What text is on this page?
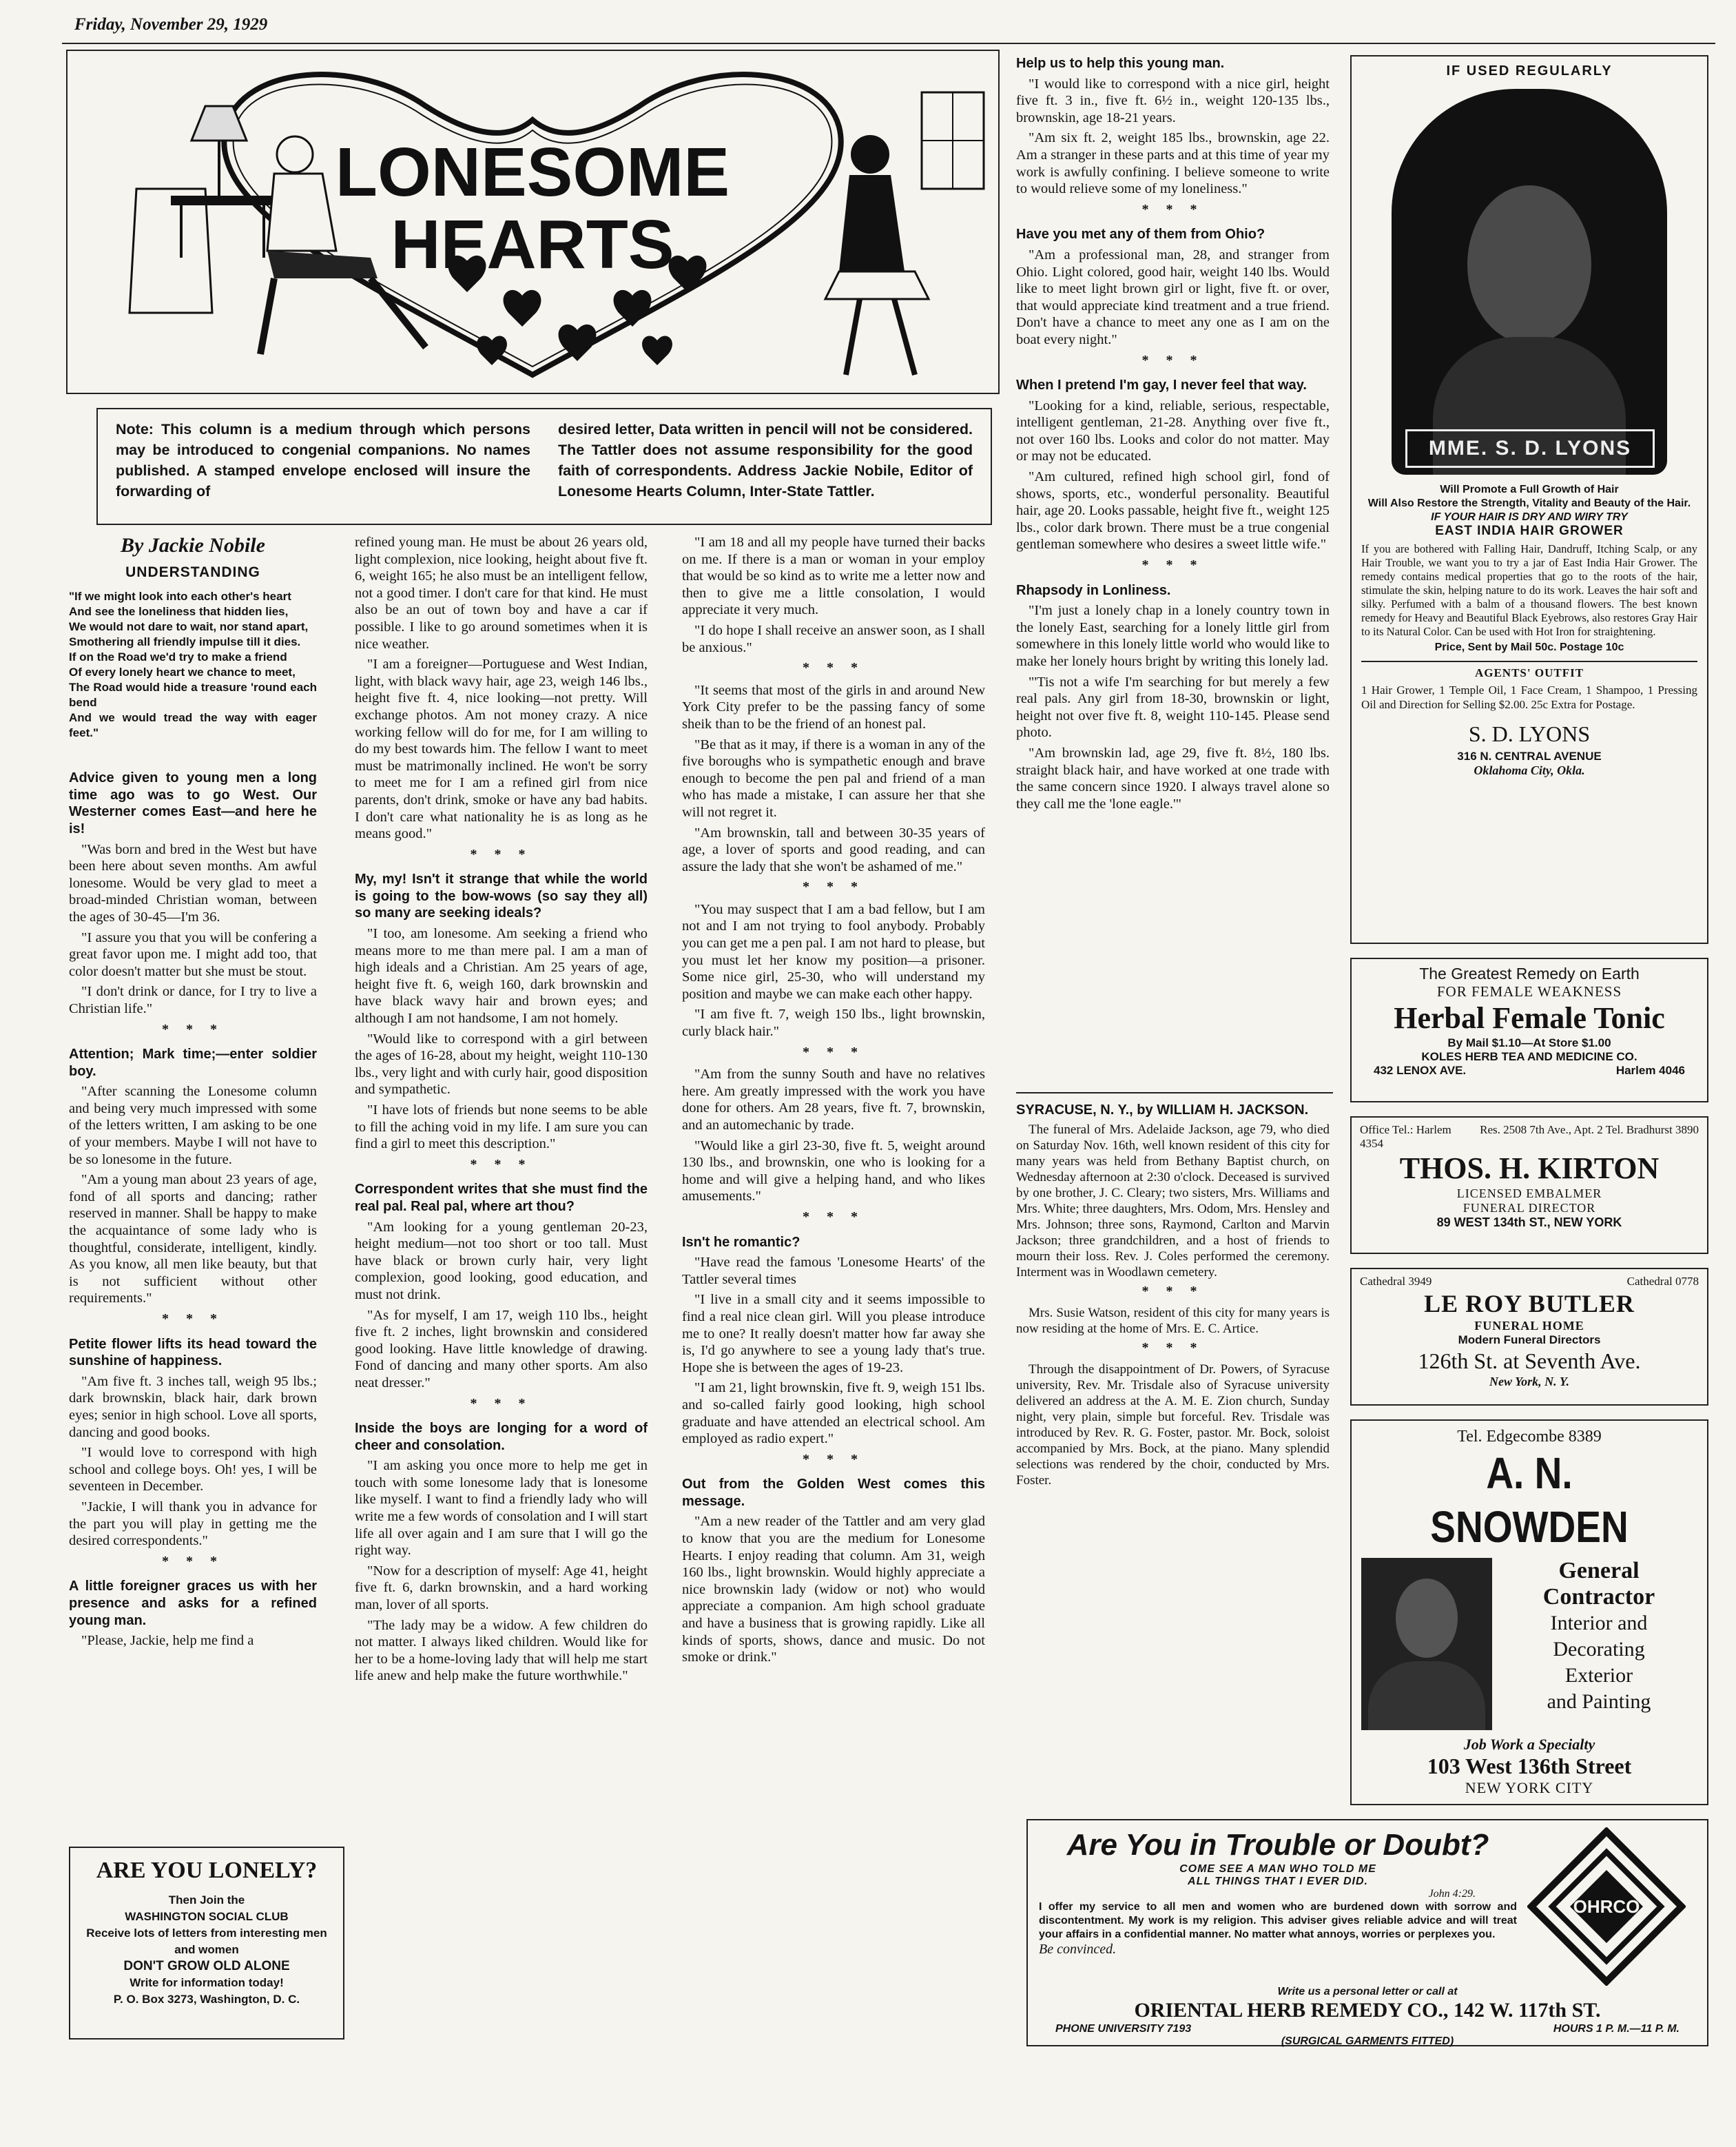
Friday, November 29, 1929
LONESOME
HEARTS
Note: This column is a medium through which persons may be introduced to congenial companions. No names published. A stamped envelope enclosed will insure the forwarding of
desired letter, Data written in pencil will not be considered. The Tattler does not assume responsibility for the good faith of correspondents. Address Jackie Nobile, Editor of Lonesome Hearts Column, Inter-State Tattler.
By Jackie Nobile
UNDERSTANDING
"If we might look into each other's heart
And see the loneliness that hidden lies,
We would not dare to wait, nor stand apart,
Smothering all friendly impulse till it dies.
If on the Road we'd try to make a friend
Of every lonely heart we chance to meet,
The Road would hide a treasure 'round each bend
And we would tread the way with eager feet."

Advice given to young men a long time ago was to go West. Our Westerner comes East—and here he is!

"Was born and bred in the West but have been here about seven months. Am awful lonesome. Would be very glad to meet a broad-minded Christian woman, between the ages of 30-45—I'm 36.

"I assure you that you will be confering a great favor upon me. I might add too, that color doesn't matter but she must be stout.

"I don't drink or dance, for I try to live a Christian life."

* * *

Attention; Mark time;—enter soldier boy.

"After scanning the Lonesome column and being very much impressed with some of the letters written, I am asking to be one of your members. Maybe I will not have to be so lonesome in the future.

"Am a young man about 23 years of age, fond of all sports and dancing; rather reserved in manner. Shall be happy to make the acquaintance of some lady who is thoughtful, considerate, intelligent, kindly. As you know, all men like beauty, but that is not sufficient without other requirements."

* * *

Petite flower lifts its head toward the sunshine of happiness.

"Am five ft. 3 inches tall, weigh 95 lbs.; dark brownskin, black hair, dark brown eyes; senior in high school. Love all sports, dancing and good books.

"I would love to correspond with high school and college boys. Oh! yes, I will be seventeen in December.

"Jackie, I will thank you in advance for the part you will play in getting me the desired correspondents."

* * *

A little foreigner graces us with her presence and asks for a refined young man.

"Please, Jackie, help me find a

ARE YOU LONELY?
Then Join the
WASHINGTON SOCIAL CLUB
Receive lots of letters from interesting men and women
DON'T GROW OLD ALONE
Write for information today!
P. O. Box 3273, Washington, D. C.

refined young man. He must be about 26 years old, light complexion, nice looking, height about five ft. 6, weight 165; he also must be an intelligent fellow, not a good timer. I don't care for that kind. He must also be an out of town boy and have a car if possible. I like to go around sometimes when it is nice weather.

"I am a foreigner—Portuguese and West Indian, light, with black wavy hair, age 23, weigh 146 lbs., height five ft. 4, nice looking—not pretty. Will exchange photos. Am not money crazy. A nice working fellow will do for me, for I am willing to do my best towards him. The fellow I want to meet must be matrimonally inclined. He won't be sorry to meet me for I am a refined girl from nice parents, don't drink, smoke or have any bad habits. I don't care what nationality he is as long as he means good."

* * *

My, my! Isn't it strange that while the world is going to the bow-wows (so say they all) so many are seeking ideals?

"I too, am lonesome. Am seeking a friend who means more to me than mere pal. I am a man of high ideals and a Christian. Am 25 years of age, height five ft. 6, weigh 160, dark brownskin and have black wavy hair and brown eyes; and although I am not handsome, I am not homely.

"Would like to correspond with a girl between the ages of 16-28, about my height, weight 110-130 lbs., very light and with curly hair, good disposition and sympathetic.

"I have lots of friends but none seems to be able to fill the aching void in my life. I am sure you can find a girl to meet this description."

* * *

Correspondent writes that she must find the real pal. Real pal, where art thou?

"Am looking for a young gentleman 20-23, height medium—not too short or too tall. Must have black or brown curly hair, very light complexion, good looking, good education, and must not drink.

"As for myself, I am 17, weigh 110 lbs., height five ft. 2 inches, light brownskin and considered good looking. Have little knowledge of drawing. Fond of dancing and many other sports. Am also neat dresser."

* * *

Inside the boys are longing for a word of cheer and consolation.

"I am asking you once more to help me get in touch with some lonesome lady that is lonesome like myself. I want to find a friendly lady who will write me a few words of consolation and I will start life all over again and I am sure that I will go the right way.

"Now for a description of myself: Age 41, height five ft. 6, darkn brownskin, and a hard working man, lover of all sports.

"The lady may be a widow. A few children do not matter. I always liked children. Would like for her to be a home-loving lady that will help me start life anew and help make the future worthwhile."

"I am 18 and all my people have turned their backs on me. If there is a man or woman in your employ that would be so kind as to write me a letter now and then to give me a little consolation, I would appreciate it very much.

"I do hope I shall receive an answer soon, as I shall be anxious."

* * *

"It seems that most of the girls in and around New York City prefer to be the passing fancy of some sheik than to be the friend of an honest pal.

"Be that as it may, if there is a woman in any of the five boroughs who is sympathetic enough and brave enough to become the pen pal and friend of a man who has made a mistake, I can assure her that she will not regret it.

"Am brownskin, tall and between 30-35 years of age, a lover of sports and good reading, and can assure the lady that she won't be ashamed of me."

* * *

"You may suspect that I am a bad fellow, but I am not and I am not trying to fool anybody. Probably you can get me a pen pal. I am not hard to please, but you must let her know my position—a prisoner. Some nice girl, 25-30, who will understand my position and maybe we can make each other happy.

"I am five ft. 7, weigh 150 lbs., light brownskin, curly black hair."

* * *

"Am from the sunny South and have no relatives here. Am greatly impressed with the work you have done for others. Am 28 years, five ft. 7, brownskin, and an automechanic by trade.

"Would like a girl 23-30, five ft. 5, weight around 130 lbs., and brownskin, one who is looking for a home and will give a helping hand, and who likes amusements."

* * *

Isn't he romantic?

"Have read the famous 'Lonesome Hearts' of the Tattler several times

"I live in a small city and it seems impossible to find a real nice clean girl. Will you please introduce me to one? It really doesn't matter how far away she is, I'd go anywhere to see a young lady that's true. Hope she is between the ages of 19-23.

"I am 21, light brownskin, five ft. 9, weigh 151 lbs. and so-called fairly good looking, high school graduate and have attended an electrical school. Am employed as radio expert."

* * *

Out from the Golden West comes this message.

"Am a new reader of the Tattler and am very glad to know that you are the medium for Lonesome Hearts. I enjoy reading that column. Am 31, weigh 160 lbs., light brownskin. Would highly appreciate a nice brownskin lady (widow or not) who would appreciate a companion. Am high school graduate and have a business that is growing rapidly. Like all kinds of sports, shows, dance and music. Do not smoke or drink."

Help us to help this young man.

"I would like to correspond with a nice girl, height five ft. 3 in., five ft. 6½ in., weight 120-135 lbs., brownskin, age 18-21 years.

"Am six ft. 2, weight 185 lbs., brownskin, age 22. Am a stranger in these parts and at this time of year my work is awfully confining. I believe someone to write to would relieve some of my loneliness."

* * *

Have you met any of them from Ohio?

"Am a professional man, 28, and stranger from Ohio. Light colored, good hair, weight 140 lbs. Would like to meet light brown girl or light, five ft. or over, that would appreciate kind treatment and a true friend. Don't have a chance to meet any one as I am on the boat every night."

* * *

When I pretend I'm gay, I never feel that way.

"Looking for a kind, reliable, serious, respectable, intelligent gentleman, 21-28. Anything over five ft., not over 160 lbs. Looks and color do not matter. May or may not be educated.

"Am cultured, refined high school girl, fond of shows, sports, etc., wonderful personality. Beautiful hair, age 20. Looks passable, height five ft., weight 125 lbs., color dark brown. There must be a true congenial gentleman somewhere who desires a sweet little wife."

* * *

Rhapsody in Lonliness.

"I'm just a lonely chap in a lonely country town in the lonely East, searching for a lonely little girl from somewhere in this lonely little world who would like to make her lonely hours bright by writing this lonely lad.

"'Tis not a wife I'm searching for but merely a few real pals. Any girl from 18-30, brownskin or light, height not over five ft. 8, weight 110-145. Please send photo.

"Am brownskin lad, age 29, five ft. 8½, 180 lbs. straight black hair, and have worked at one trade with the same concern since 1920. I always travel alone so they call me the 'lone eagle.'"

SYRACUSE, N. Y., by WILLIAM H. JACKSON.

The funeral of Mrs. Adelaide Jackson, age 79, who died on Saturday Nov. 16th, well known resident of this city for many years was held from Bethany Baptist church, on Wednesday afternoon at 2:30 o'clock. Deceased is survived by one brother, J. C. Cleary; two sisters, Mrs. Williams and Mrs. White; three daughters, Mrs. Odom, Mrs. Hensley and Mrs. Johnson; three sons, Raymond, Carlton and Marvin Jackson; three grandchildren, and a host of friends to mourn their loss. Rev. J. Coles performed the ceremony. Interment was in Woodlawn cemetery.

* * *

Mrs. Susie Watson, resident of this city for many years is now residing at the home of Mrs. E. C. Artice.

* * *

Through the disappointment of Dr. Powers, of Syracuse university, Rev. Mr. Trisdale also of Syracuse university delivered an address at the A. M. E. Zion church, Sunday night, very plain, simple but forceful. Rev. Trisdale was introduced by Rev. R. G. Foster, pastor. Mr. Bock, soloist accompanied by Mrs. Bock, at the piano. Many splendid selections was rendered by the choir, conducted by Mrs. Foster.

IF USED REGULARLY
MME. S. D. LYONS
Will Promote a Full Growth of Hair
Will Also Restore the Strength, Vitality and Beauty of the Hair.
IF YOUR HAIR IS DRY AND WIRY TRY
EAST INDIA HAIR GROWER
If you are bothered with Falling Hair, Dandruff, Itching Scalp, or any Hair Trouble, we want you to try a jar of East India Hair Grower. The remedy contains medical properties that go to the roots of the hair, stimulate the skin, helping nature to do its work. Leaves the hair soft and silky. Perfumed with a balm of a thousand flowers. The best known remedy for Heavy and Beautiful Black Eyebrows, also restores Gray Hair to its Natural Color. Can be used with Hot Iron for straightening.
Price, Sent by Mail 50c. Postage 10c
AGENTS' OUTFIT
1 Hair Grower, 1 Temple Oil, 1 Face Cream, 1 Shampoo, 1 Pressing Oil and Direction for Selling $2.00. 25c Extra for Postage.
S. D. LYONS
316 N. CENTRAL AVENUE
Oklahoma City, Okla.
The Greatest Remedy on Earth
FOR FEMALE WEAKNESS
Herbal Female Tonic
By Mail $1.10—At Store $1.00
KOLES HERB TEA AND MEDICINE CO.
432 LENOX AVE.	Harlem 4046
Office Tel.: Harlem 4354
Res. 2508 7th Ave., Apt. 2 Tel. Bradhurst 3890
THOS. H. KIRTON
LICENSED EMBALMER
FUNERAL DIRECTOR
89 WEST 134th ST., NEW YORK
Cathedral 3949	Cathedral 0778
LE ROY BUTLER
FUNERAL HOME
Modern Funeral Directors
126th St. at Seventh Ave.
New York, N. Y.
Tel. Edgecombe 8389
A. N. SNOWDEN
General
Contractor
Interior and
Decorating
Exterior
and Painting
Job Work a Specialty
103 West 136th Street
NEW YORK CITY
Are You in Trouble or Doubt?
COME SEE A MAN WHO TOLD ME
ALL THINGS THAT I EVER DID.
John 4:29.
I offer my service to all men and women who are burdened down with sorrow and discontentment. My work is my religion. This adviser gives reliable advice and will treat your affairs in a confidential manner. No matter what annoys, worries or perplexes you.
Be convinced.
OHRCO
Write us a personal letter or call at
ORIENTAL HERB REMEDY CO., 142 W. 117th ST.
PHONE UNIVERSITY 7193	HOURS 1 P. M.—11 P. M.
(SURGICAL GARMENTS FITTED)
